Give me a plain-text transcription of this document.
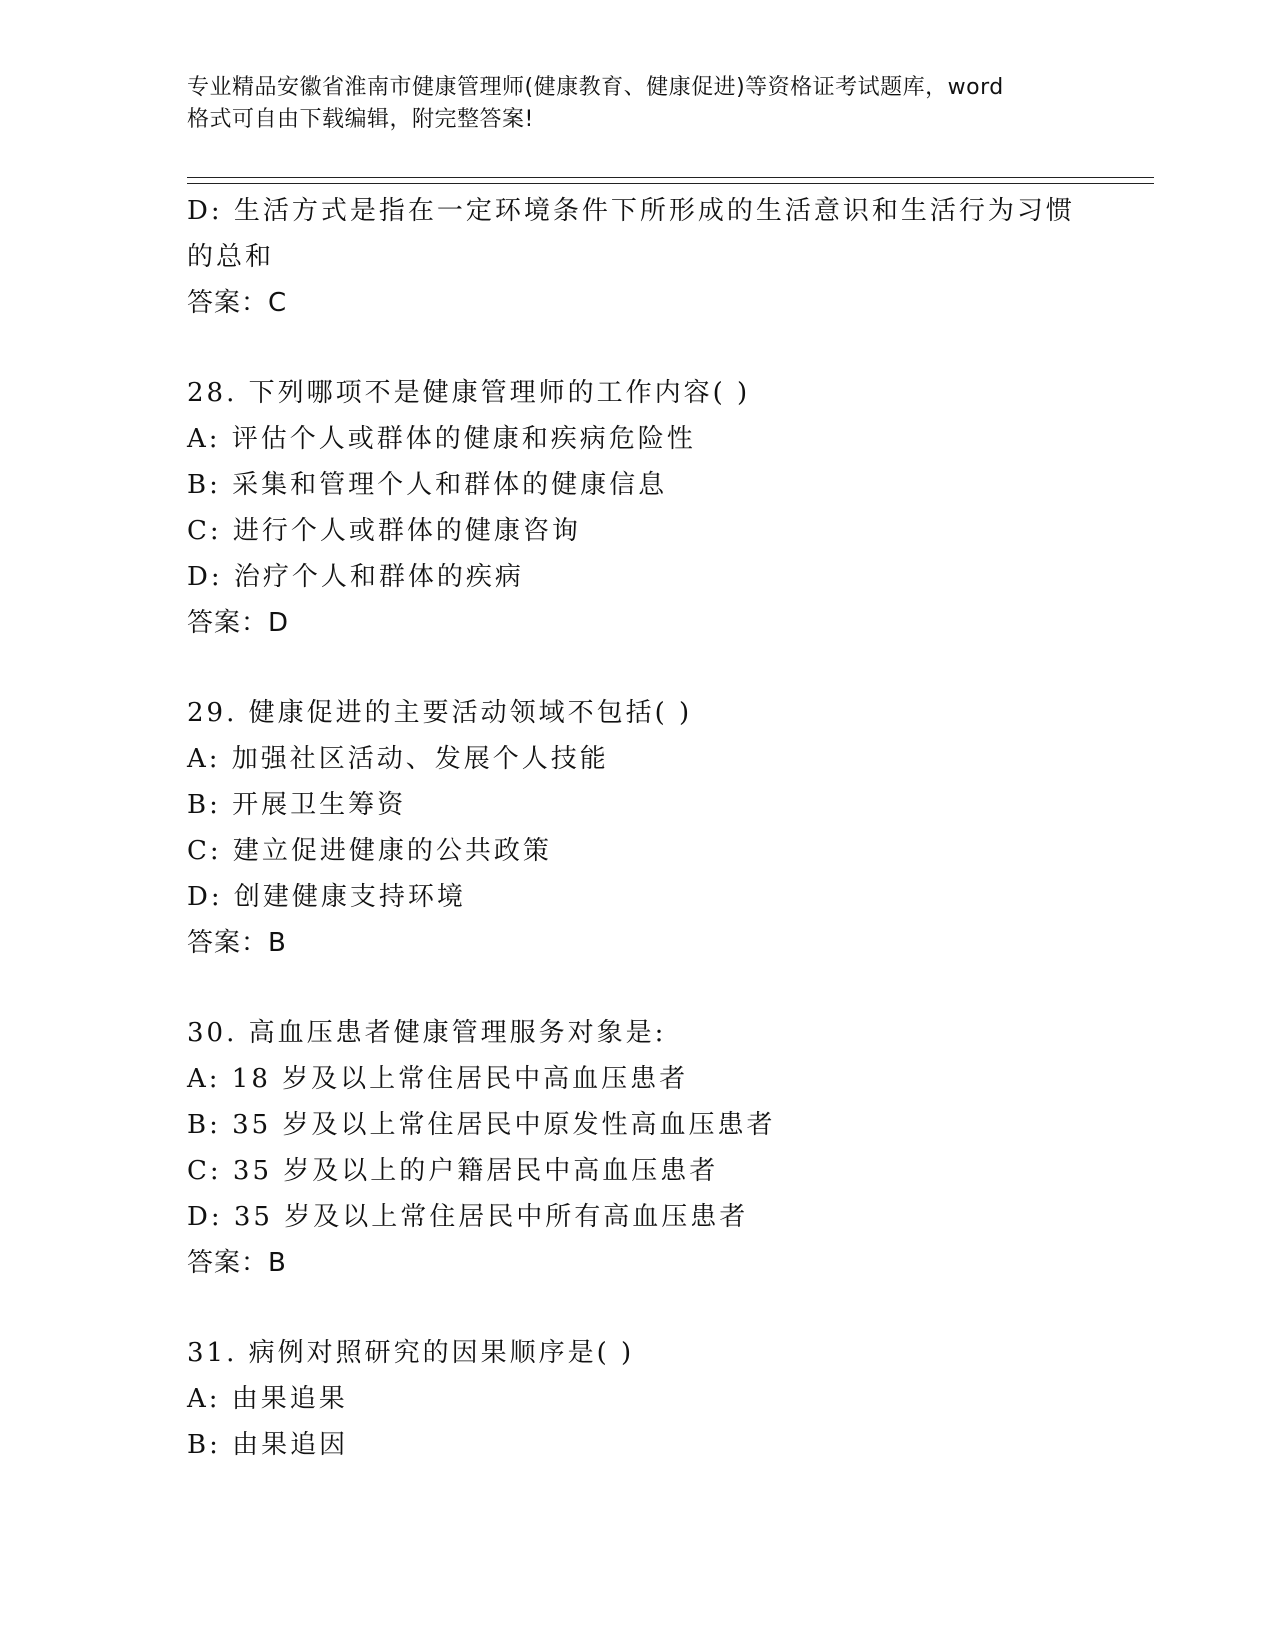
专业精品安徽省淮南市健康管理师(健康教育、健康促进)等资格证考试题库，word
格式可自由下载编辑，附完整答案!
D: 生活方式是指在一定环境条件下所形成的生活意识和生活行为习惯
的总和
答案：C
28. 下列哪项不是健康管理师的工作内容( )
A: 评估个人或群体的健康和疾病危险性
B: 采集和管理个人和群体的健康信息
C: 进行个人或群体的健康咨询
D: 治疗个人和群体的疾病
答案：D
29. 健康促进的主要活动领域不包括( )
A: 加强社区活动、发展个人技能
B: 开展卫生筹资
C: 建立促进健康的公共政策
D: 创建健康支持环境
答案：B
30. 高血压患者健康管理服务对象是:
A: 18 岁及以上常住居民中高血压患者
B: 35 岁及以上常住居民中原发性高血压患者
C: 35 岁及以上的户籍居民中高血压患者
D: 35 岁及以上常住居民中所有高血压患者
答案：B
31. 病例对照研究的因果顺序是( )
A: 由果追果
B: 由果追因
